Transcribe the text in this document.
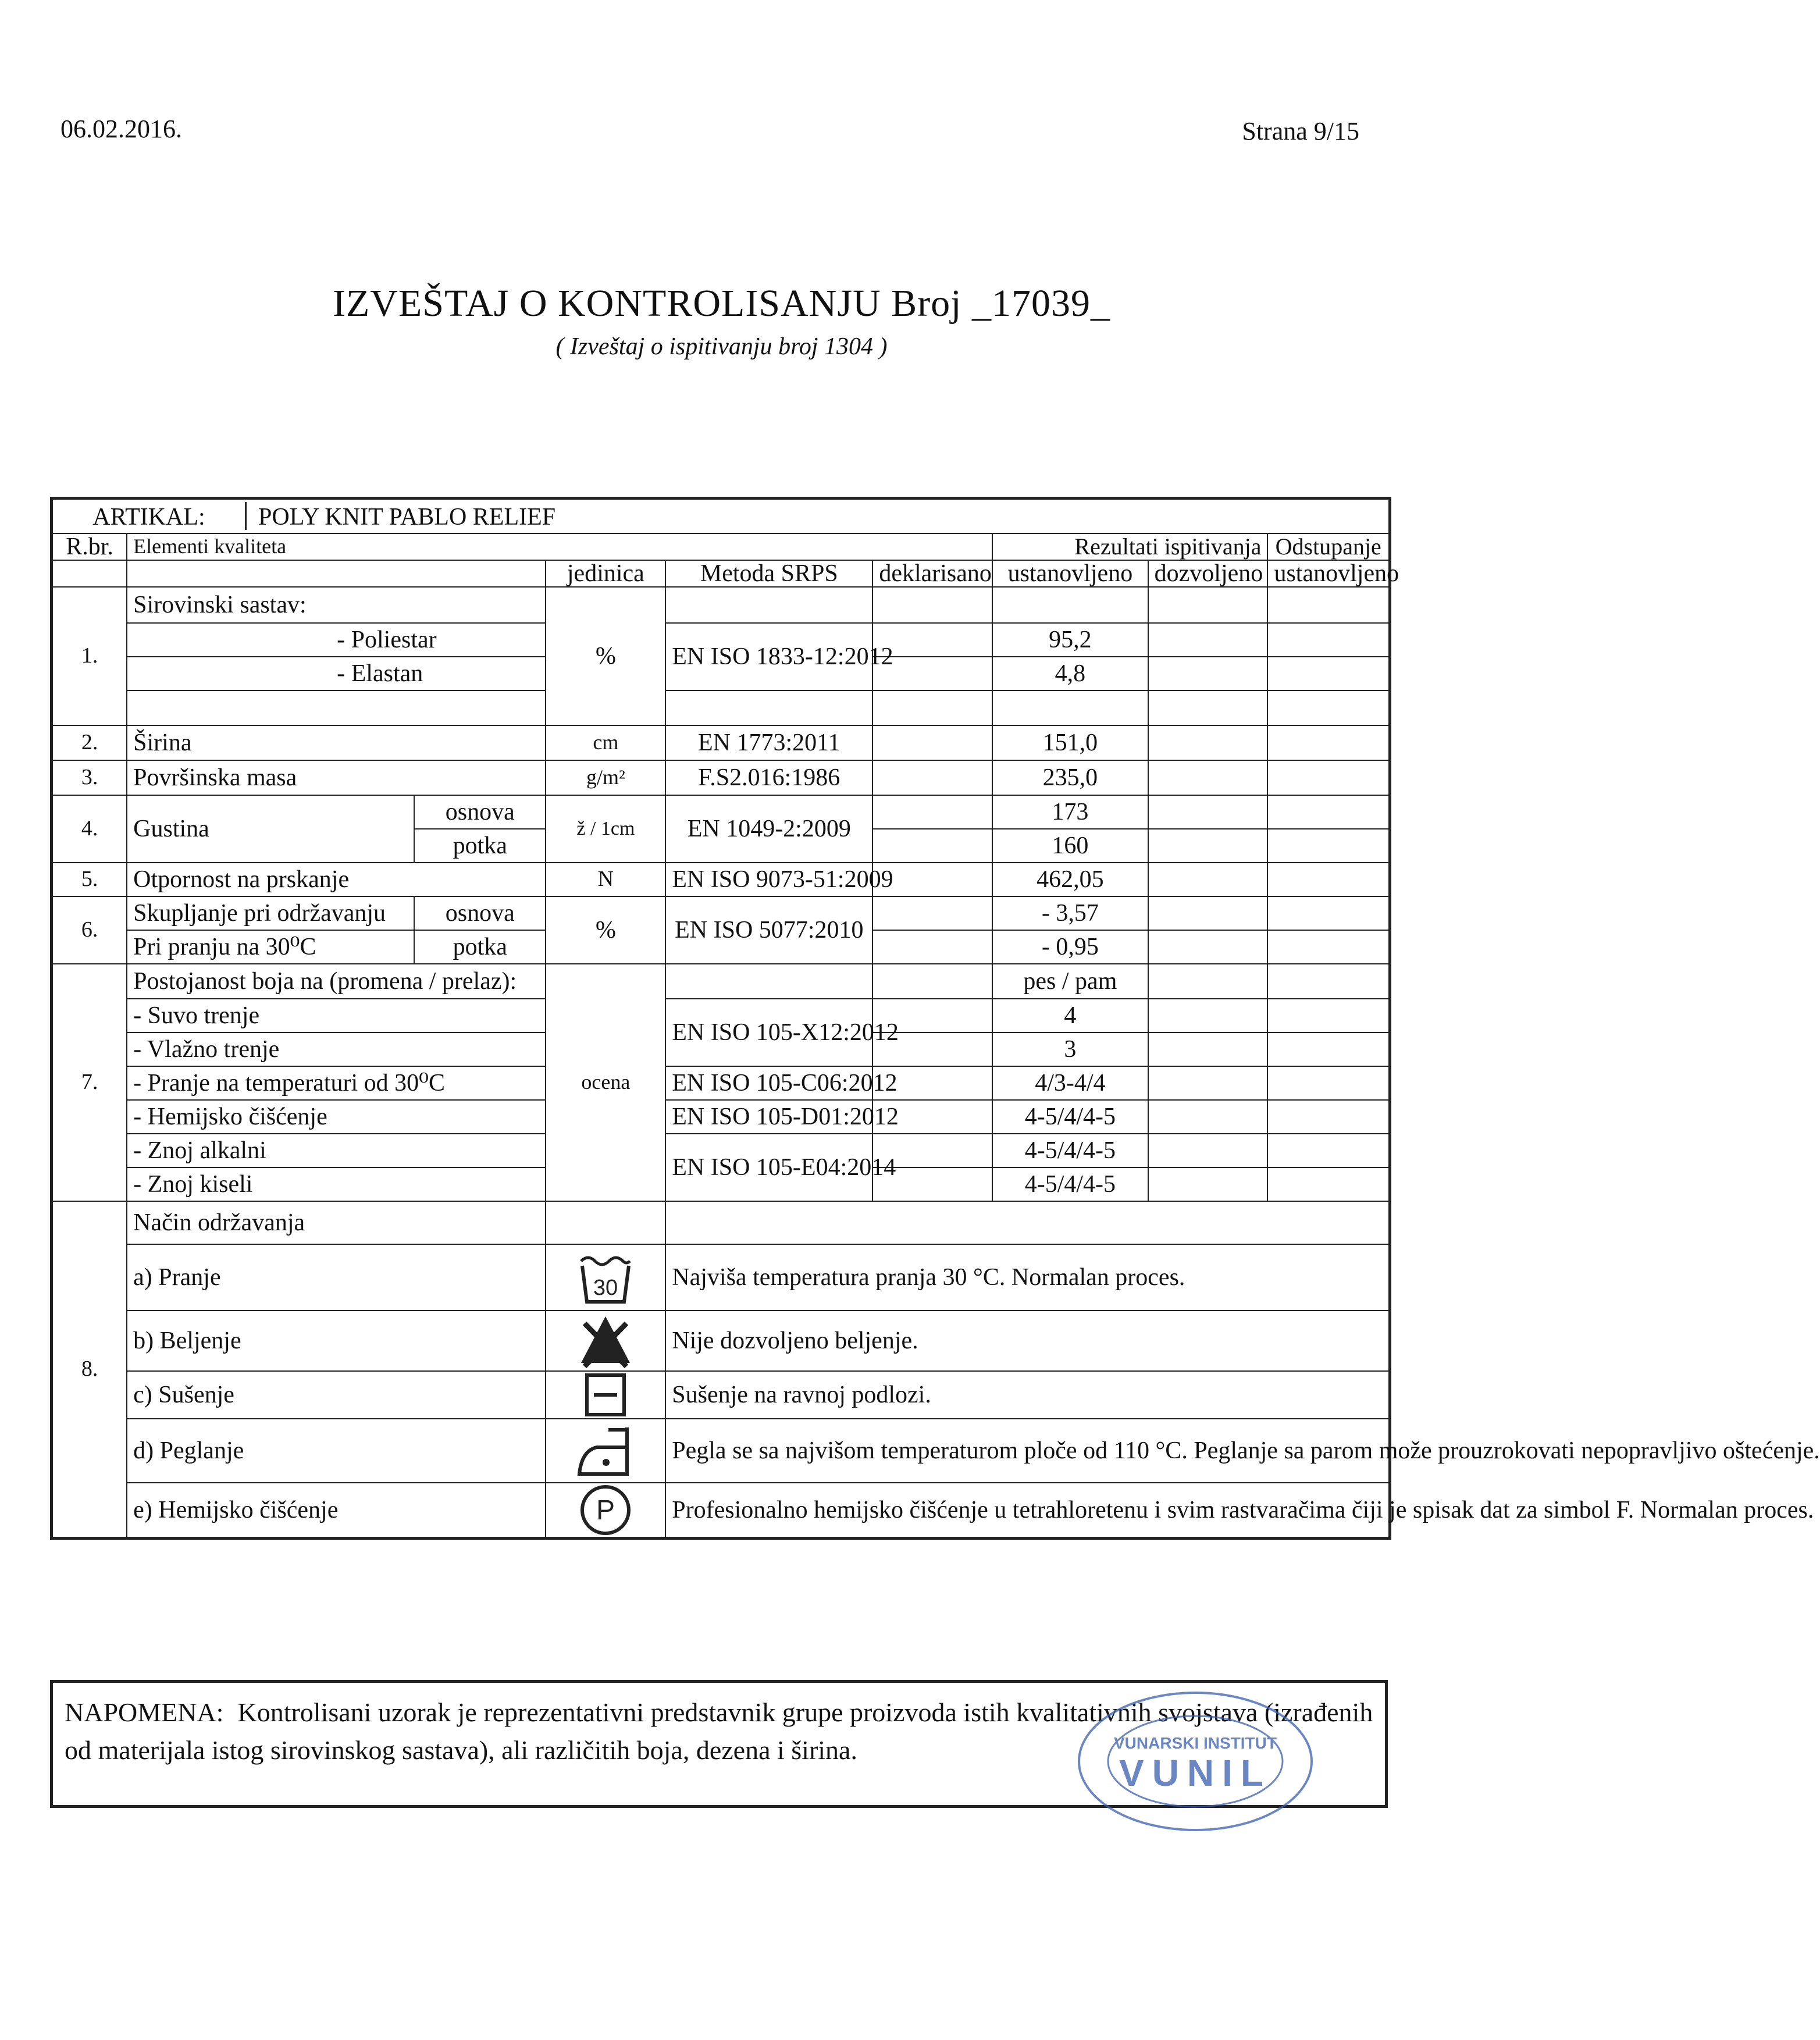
06.02.2016.	Strana 9/15
IZVEŠTAJ O KONTROLISANJU Broj _17039_
( Izveštaj o ispitivanju broj 1304 )
ARTIKAL: POLY KNIT PABLO RELIEF								

R.br.	Elementi kvaliteta					Rezultati ispitivanja		Odstupanje
			jedinica	Metoda SRPS	deklarisano	ustanovljeno	dozvoljeno	ustanovljeno
1.	Sirovinski sastav:		%					
	- Poliestar			EN ISO 1833-12:2012		95,2		
	- Elastan					4,8		

2.	Širina		cm	EN 1773:2011		151,0		
3.	Površinska masa		g/m²	F.S2.016:1986		235,0		
4.	Gustina	osnova	ž / 1cm	EN 1049-2:2009		173		
		potka				160		
5.	Otpornost na prskanje		N	EN ISO 9073-51:2009		462,05		
6.	Skupljanje pri održavanju	osnova	%	EN ISO 5077:2010		- 3,57		
	Pri pranju na 30⁰C	potka				- 0,95		
7.	Postojanost boja na (promena / prelaz):		ocena			pes / pam		
	- Suvo trenje			EN ISO 105-X12:2012		4		
	- Vlažno trenje					3		
	- Pranje na temperaturi od 30⁰C			EN ISO 105-C06:2012		4/3-4/4		
	- Hemijsko čišćenje			EN ISO 105-D01:2012		4-5/4/4-5		
	- Znoj alkalni			EN ISO 105-E04:2014		4-5/4/4-5		
	- Znoj kiseli					4-5/4/4-5		
8.	Način održavanja							
	a) Pranje		30	Najviša temperatura pranja 30 °C. Normalan proces.				
	b) Beljenje			Nije dozvoljeno beljenje.				
	c) Sušenje			Sušenje na ravnoj podlozi.				
	d) Peglanje			Pegla se sa najvišom temperaturom ploče od 110 °C. Peglanje sa parom može prouzrokovati nepopravljivo oštećenje.				
	e) Hemijsko čišćenje		P	Profesionalno hemijsko čišćenje u tetrahloretenu i svim rastvaračima čiji je spisak dat za simbol F. Normalan proces.				
NAPOMENA: Kontrolisani uzorak je reprezentativni predstavnik grupe proizvoda istih kvalitativnih svojstava (izrađenih od materijala istog sirovinskog sastava), ali različitih boja, dezena i širina.	VUNARSKI INSTITUT
VUNIL
